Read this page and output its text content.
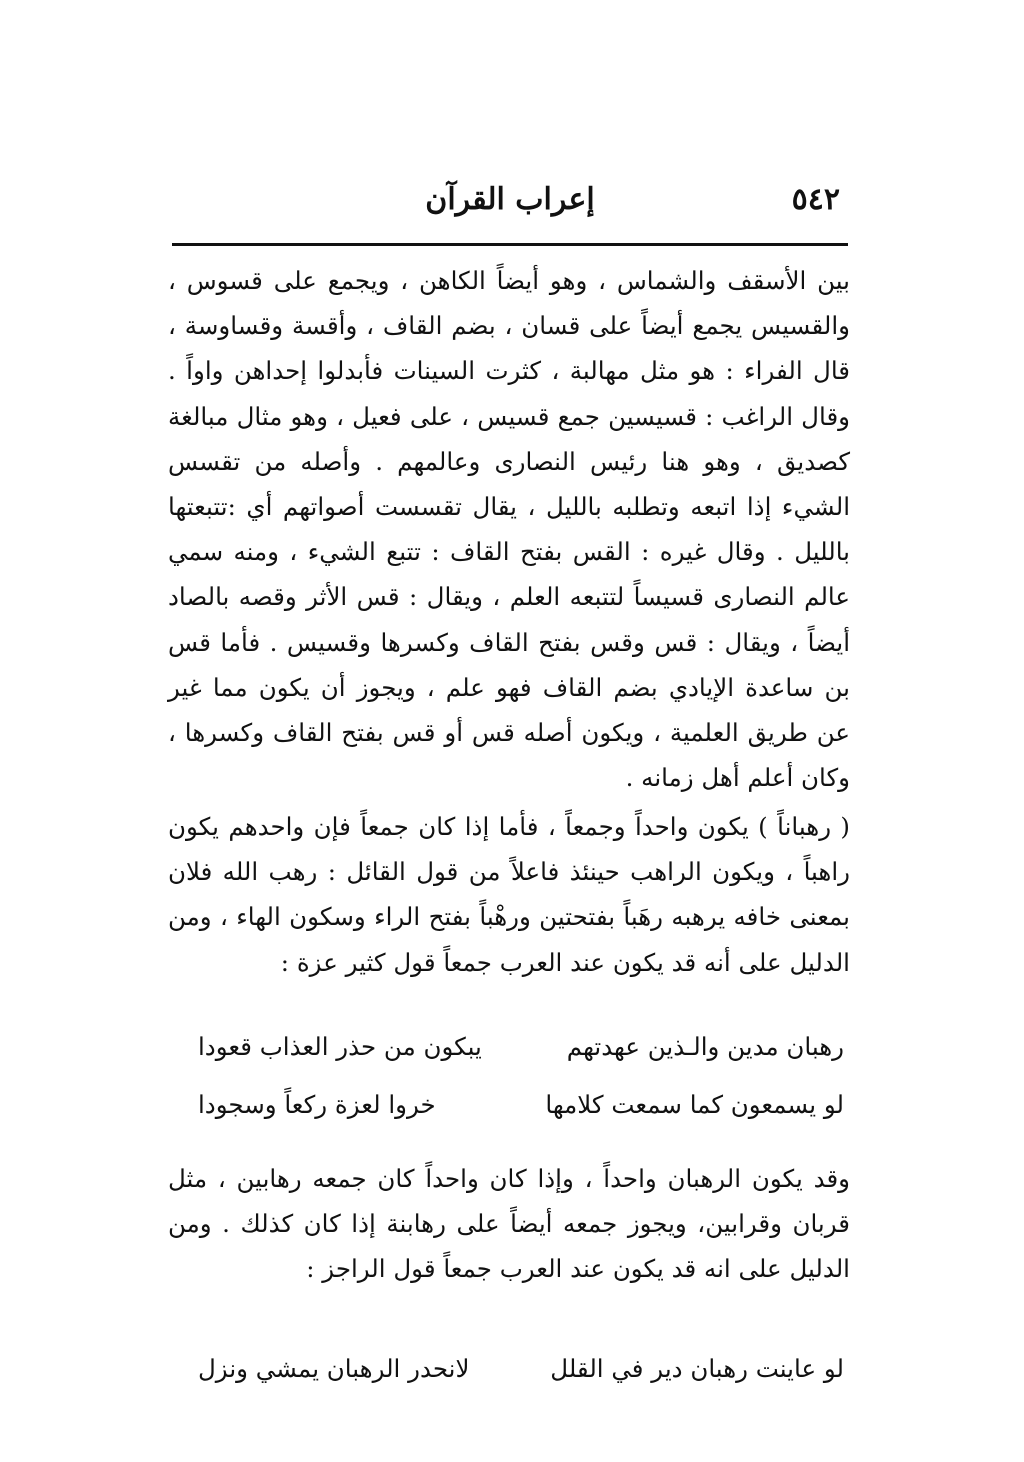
٥٤٢
إعراب القرآن

بين الأسقف والشماس ، وهو أيضاً الكاهن ، ويجمع على قسوس ، والقسيس يجمع أيضاً على قسان ، بضم القاف ، وأقسة وقساوسة ، قال الفراء : هو مثل مهالبة ، كثرت السينات فأبدلوا إحداهن واواً . وقال الراغب : قسيسين جمع قسيس ، على فعيل ، وهو مثال مبالغة كصديق ، وهو هنا رئيس النصارى وعالمهم . وأصله من تقسس الشيء إذا اتبعه وتطلبه بالليل ، يقال تقسست أصواتهم أي :تتبعتها بالليل . وقال غيره : القس بفتح القاف : تتبع الشيء ، ومنه سمي عالم النصارى قسيساً لتتبعه العلم ، ويقال : قس الأثر وقصه بالصاد أيضاً ، ويقال : قس وقس بفتح القاف وكسرها وقسيس . فأما قس بن ساعدة الإيادي بضم القاف فهو علم ، ويجوز أن يكون مما غير عن طريق العلمية ، ويكون أصله قس أو قس بفتح القاف وكسرها ، وكان أعلم أهل زمانه .

( رهباناً ) يكون واحداً وجمعاً ، فأما إذا كان جمعاً فإن واحدهم يكون راهباً ، ويكون الراهب حينئذ فاعلاً من قول القائل : رهب الله فلان بمعنى خافه يرهبه رهَباً بفتحتين ورهْباً بفتح الراء وسكون الهاء ، ومن الدليل على أنه قد يكون عند العرب جمعاً قول كثير عزة :

رهبان مدين والـذين عهدتهم
يبكون من حذر العذاب قعودا
لو يسمعون كما سمعت كلامها
خروا لعزة ركعاً وسجودا

وقد يكون الرهبان واحداً ، وإذا كان واحداً كان جمعه رهابين ، مثل قربان وقرابين، ويجوز جمعه أيضاً على رهابنة إذا كان كذلك . ومن الدليل على انه قد يكون عند العرب جمعاً قول الراجز :

لو عاينت رهبان دير في القلل
لانحدر الرهبان يمشي ونزل
